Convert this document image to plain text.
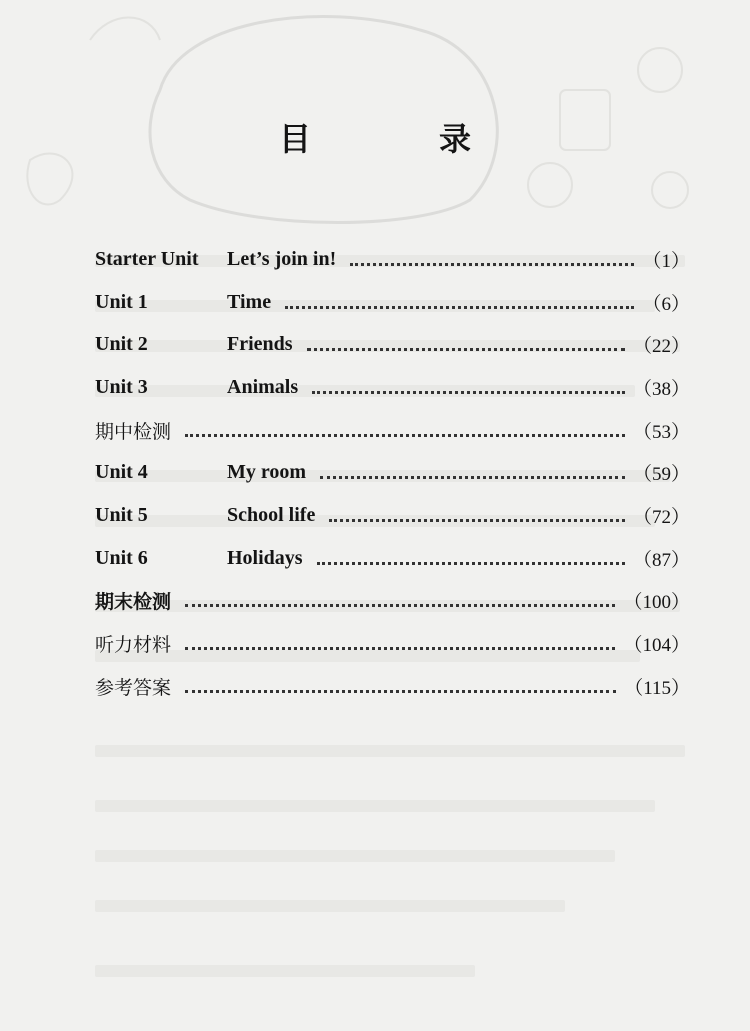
目　录
Starter Unit	Let’s join in!	（1）
Unit 1	Time	（6）
Unit 2	Friends	（22）
Unit 3	Animals	（38）
期中检测	（53）
Unit 4	My room	（59）
Unit 5	School life	（72）
Unit 6	Holidays	（87）
期末检测	（100）
听力材料	（104）
参考答案	（115）
